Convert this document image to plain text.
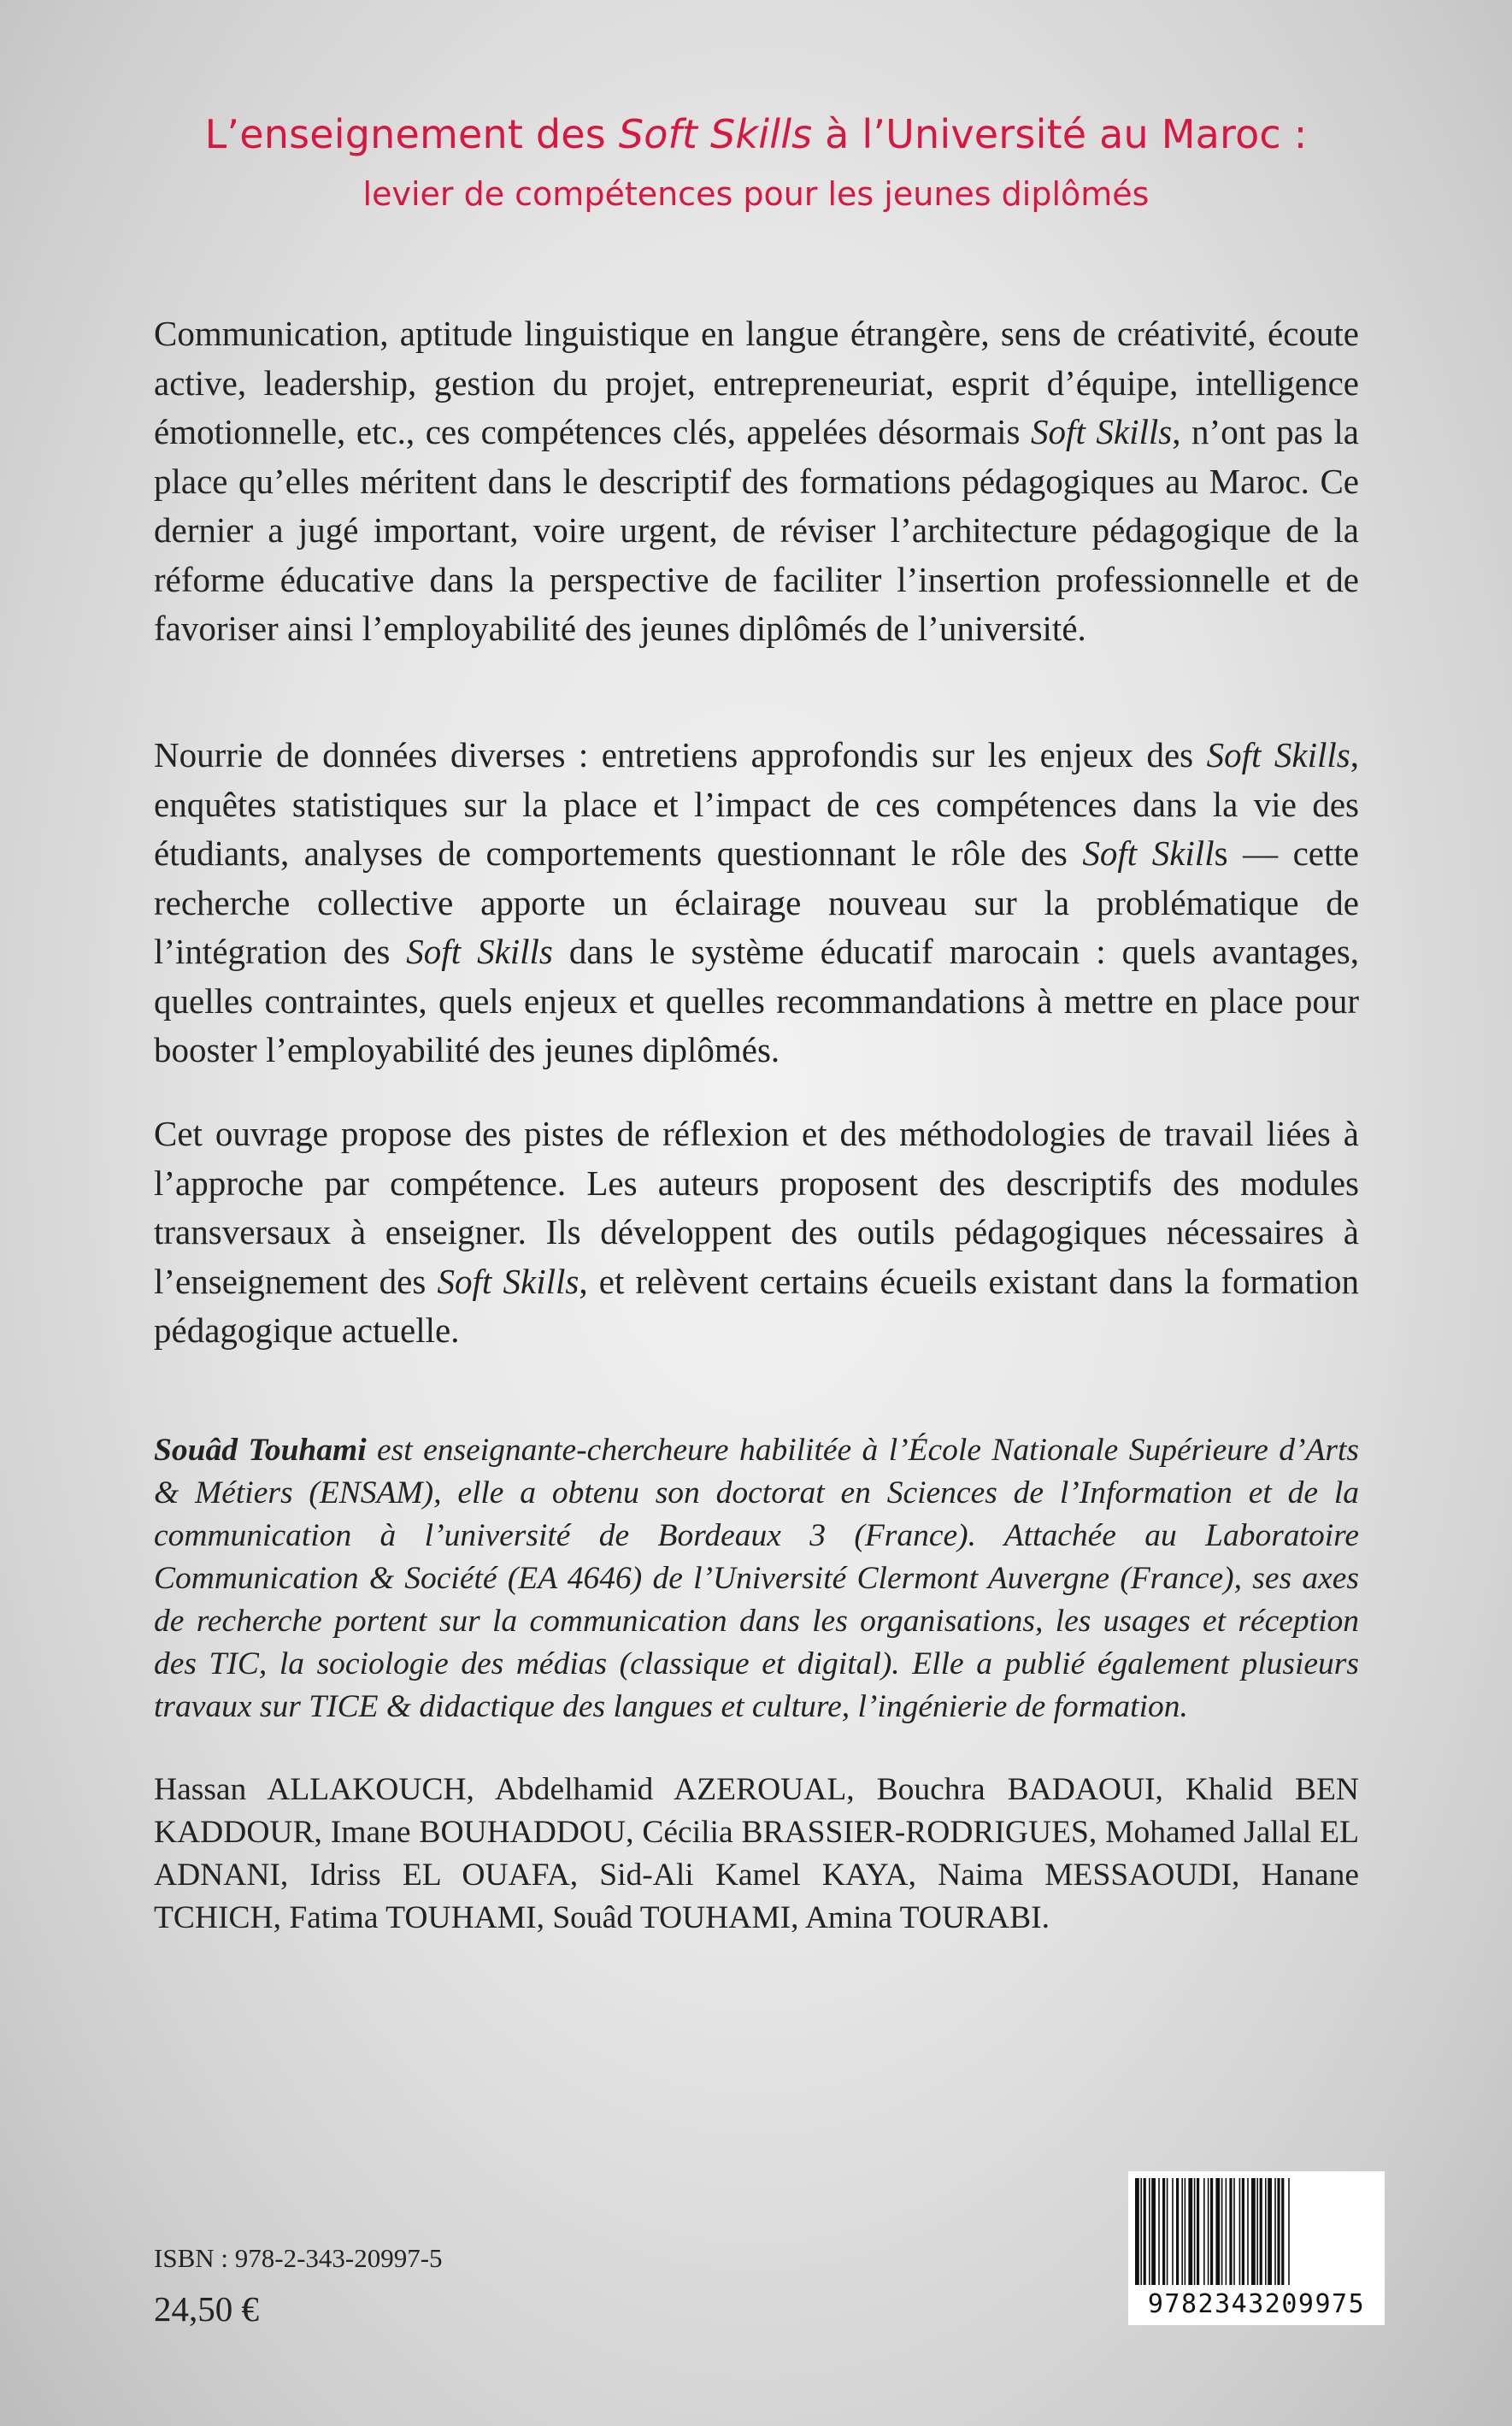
L’enseignement des Soft Skills à l’Université au Maroc :
levier de compétences pour les jeunes diplômés

Communication, aptitude linguistique en langue étrangère, sens de créativité, écoute active, leadership, gestion du projet, entrepreneuriat, esprit d’équipe, intelligence émotionnelle, etc., ces compétences clés, appelées désormais Soft Skills, n’ont pas la place qu’elles méritent dans le descriptif des formations pédagogiques au Maroc. Ce dernier a jugé important, voire urgent, de réviser l’architecture pédagogique de la réforme éducative dans la perspective de faciliter l’insertion professionnelle et de favoriser ainsi l’employabilité des jeunes diplômés de l’université.

Nourrie de données diverses : entretiens approfondis sur les enjeux des Soft Skills, enquêtes statistiques sur la place et l’impact de ces compétences dans la vie des étudiants, analyses de comportements questionnant le rôle des Soft Skills — cette recherche collective apporte un éclairage nouveau sur la problématique de l’intégration des Soft Skills dans le système éducatif marocain : quels avantages, quelles contraintes, quels enjeux et quelles recommandations à mettre en place pour booster l’employabilité des jeunes diplômés.

Cet ouvrage propose des pistes de réflexion et des méthodologies de travail liées à l’approche par compétence. Les auteurs proposent des descriptifs des modules transversaux à enseigner. Ils développent des outils pédagogiques nécessaires à l’enseignement des Soft Skills, et relèvent certains écueils existant dans la formation pédagogique actuelle.

Souâd Touhami est enseignante-chercheure habilitée à l’École Nationale Supérieure d’Arts & Métiers (ENSAM), elle a obtenu son doctorat en Sciences de l’Information et de la communication à l’université de Bordeaux 3 (France). Attachée au Laboratoire Communication & Société (EA 4646) de l’Université Clermont Auvergne (France), ses axes de recherche portent sur la communication dans les organisations, les usages et réception des TIC, la sociologie des médias (classique et digital). Elle a publié également plusieurs travaux sur TICE & didactique des langues et culture, l’ingénierie de formation.

Hassan ALLAKOUCH, Abdelhamid AZEROUAL, Bouchra BADAOUI, Khalid BEN KADDOUR, Imane BOUHADDOU, Cécilia BRASSIER-RODRIGUES, Mohamed Jallal EL ADNANI, Idriss EL OUAFA, Sid-Ali Kamel KAYA, Naima MESSAOUDI, Hanane TCHICH, Fatima TOUHAMI, Souâd TOUHAMI, Amina TOURABI.

ISBN : 978-2-343-20997-5
24,50 €	9782343209975
